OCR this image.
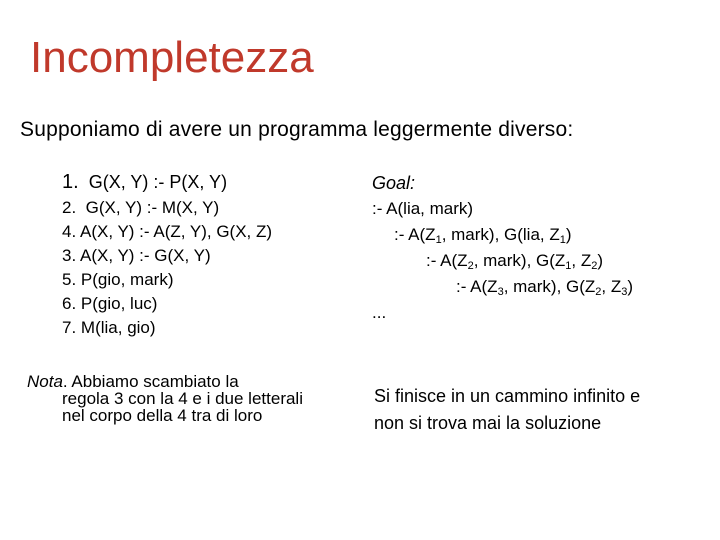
Incompletezza
Supponiamo di avere un programma leggermente diverso:
1. G(X, Y) :- P(X, Y)
2. G(X, Y) :- M(X, Y)
4. A(X, Y) :- A(Z, Y), G(X, Z)
3. A(X, Y) :- G(X, Y)
5. P(gio, mark)
6. P(gio, luc)
7. M(lia, gio)
Goal:
:- A(lia, mark)
:- $A(Z_1$, mark), G(lia, $Z_1$)
:- $A(Z_2$, mark), $G(Z_1$, $Z_2$)
:- $A(Z_3$, mark), $G(Z_2$, $Z_3$)
...
Nota. Abbiamo scambiato la
regola 3 con la 4 e i due letterali
nel corpo della 4 tra di loro
Si finisce in un cammino infinito e
non si trova mai la soluzione
